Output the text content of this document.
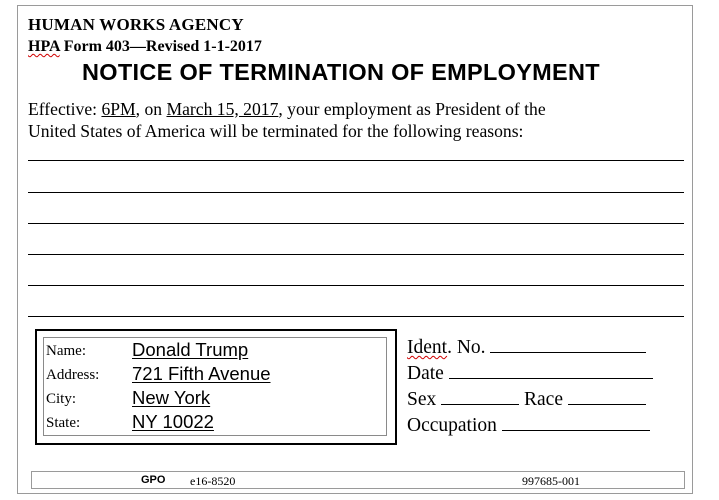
HUMAN WORKS AGENCY
HPA Form 403—Revised 1-1-2017
NOTICE OF TERMINATION OF EMPLOYMENT
Effective: 6PM, on March 15, 2017, your employment as President of the
United States of America will be terminated for the following reasons:
Name: Donald Trump
Address: 721 Fifth Avenue
City:	New York
State:	NY 10022
Ident. No.
Date
Sex	Race
Occupation
GPO e16-8520	997685-001
